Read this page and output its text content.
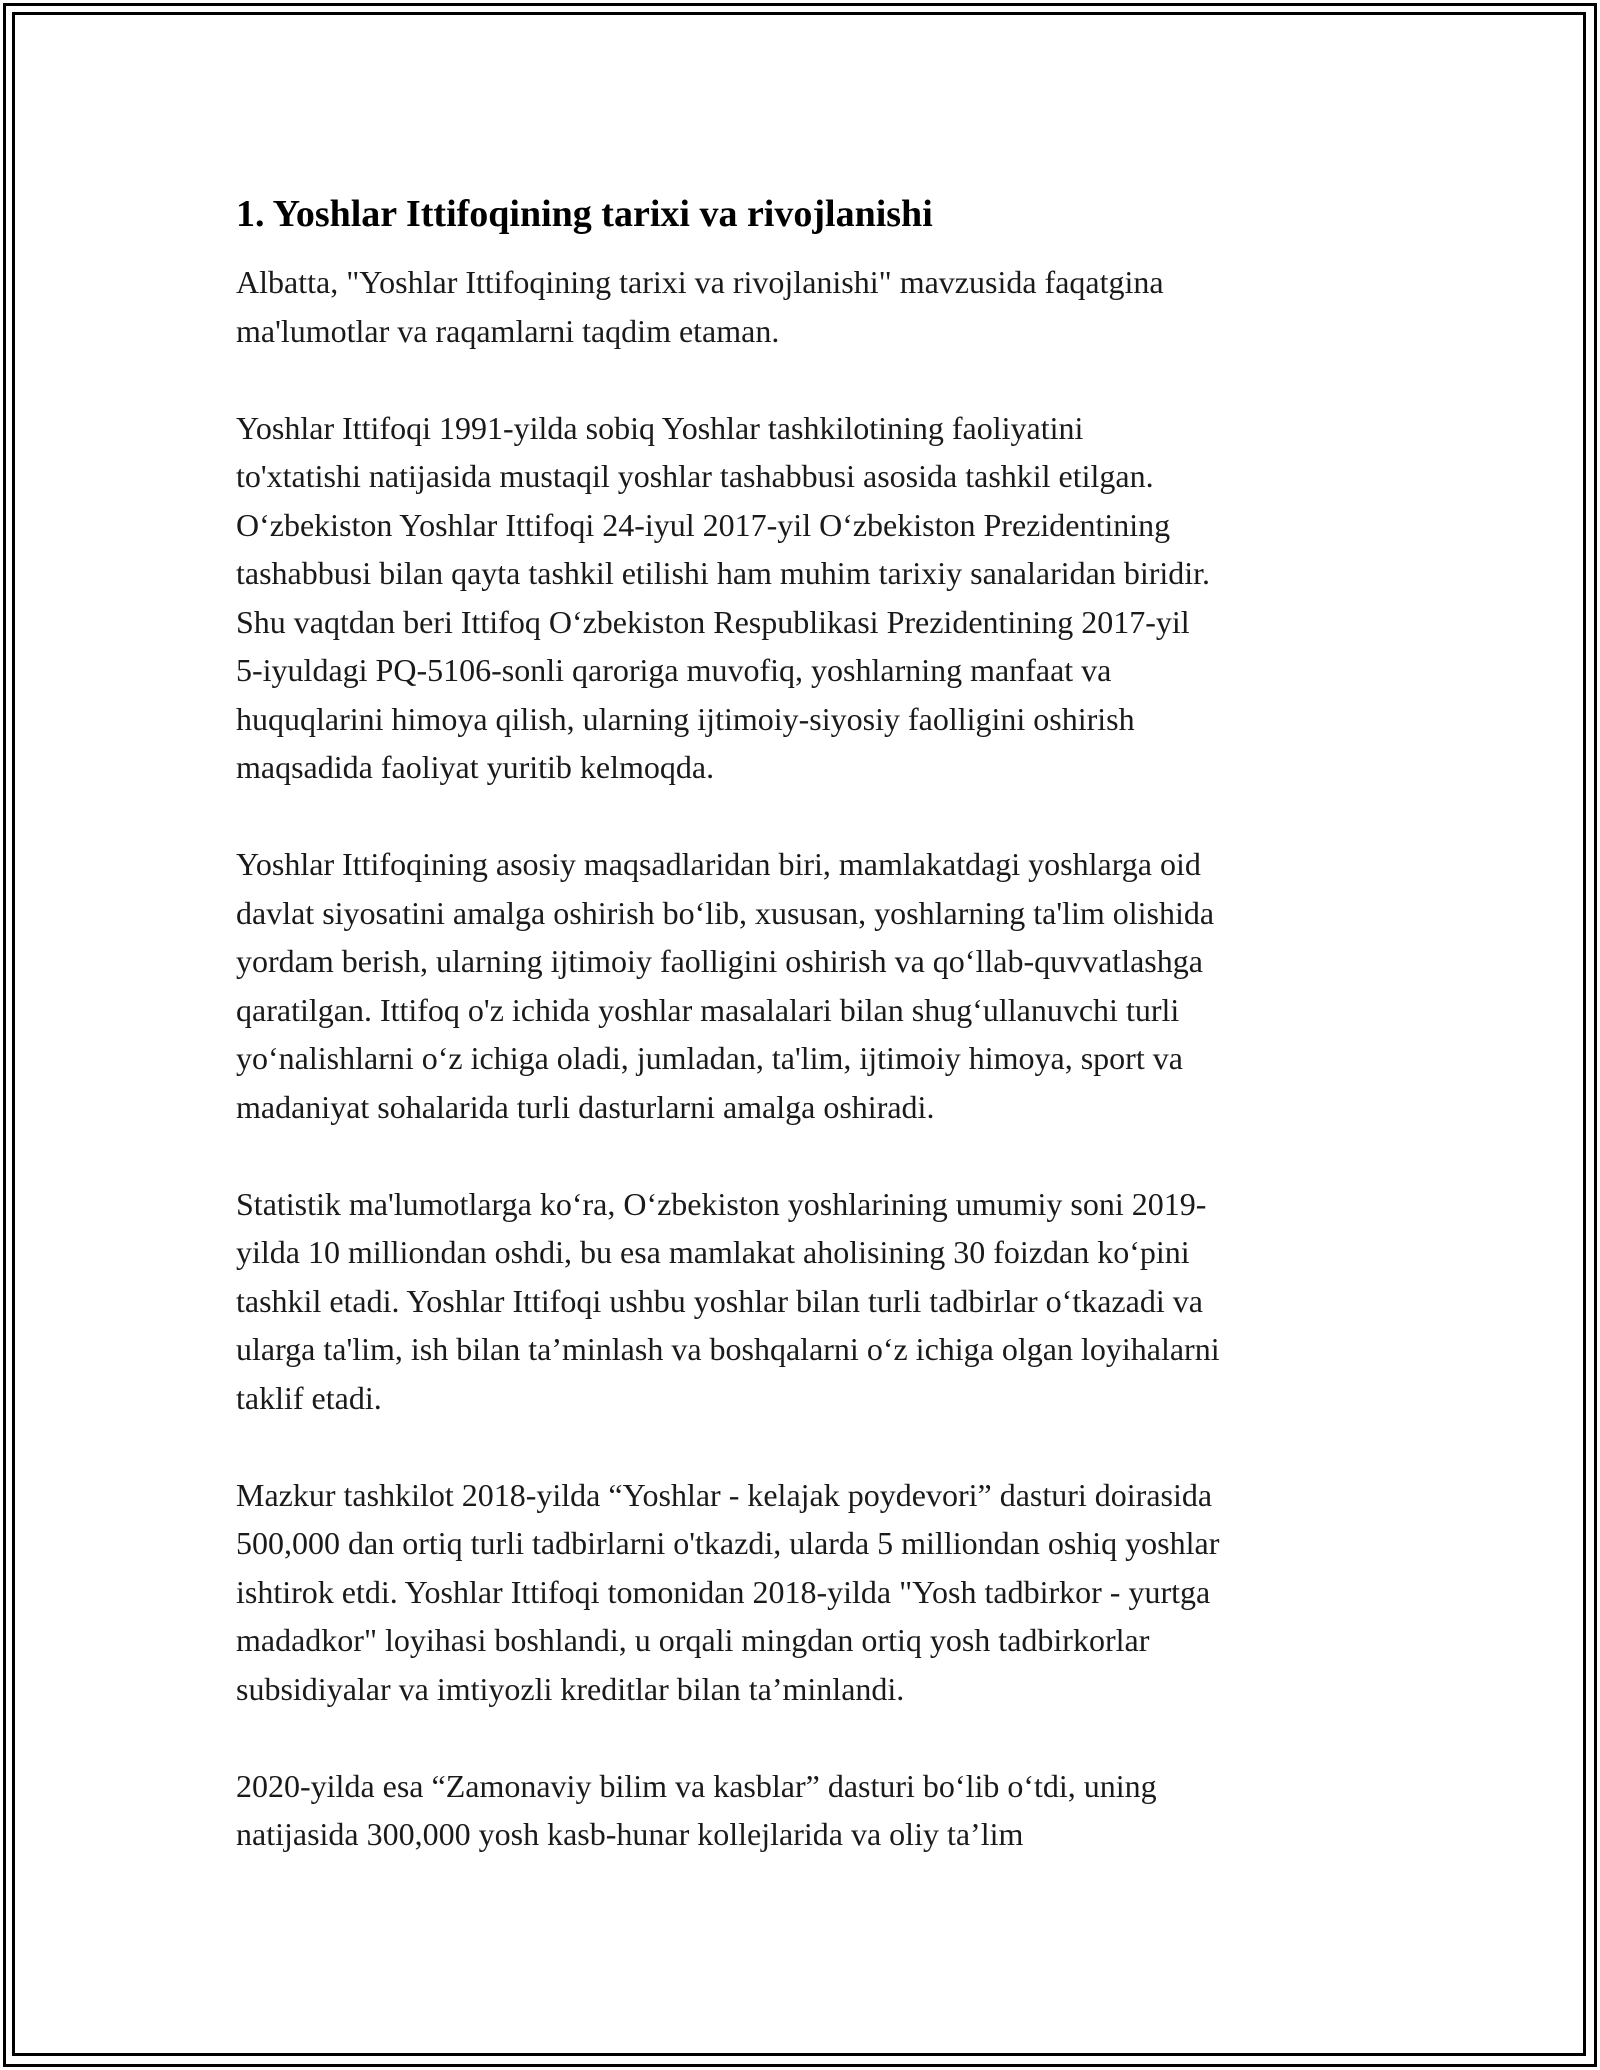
1. Yoshlar Ittifoqining tarixi va rivojlanishi

Albatta, "Yoshlar Ittifoqining tarixi va rivojlanishi" mavzusida faqatgina
ma'lumotlar va raqamlarni taqdim etaman.

Yoshlar Ittifoqi 1991-yilda sobiq Yoshlar tashkilotining faoliyatini
to'xtatishi natijasida mustaqil yoshlar tashabbusi asosida tashkil etilgan.
O‘zbekiston Yoshlar Ittifoqi 24-iyul 2017-yil O‘zbekiston Prezidentining
tashabbusi bilan qayta tashkil etilishi ham muhim tarixiy sanalaridan biridir.
Shu vaqtdan beri Ittifoq O‘zbekiston Respublikasi Prezidentining 2017-yil
5-iyuldagi PQ-5106-sonli qaroriga muvofiq, yoshlarning manfaat va
huquqlarini himoya qilish, ularning ijtimoiy-siyosiy faolligini oshirish
maqsadida faoliyat yuritib kelmoqda.

Yoshlar Ittifoqining asosiy maqsadlaridan biri, mamlakatdagi yoshlarga oid
davlat siyosatini amalga oshirish bo‘lib, xususan, yoshlarning ta'lim olishida
yordam berish, ularning ijtimoiy faolligini oshirish va qo‘llab-quvvatlashga
qaratilgan. Ittifoq o'z ichida yoshlar masalalari bilan shug‘ullanuvchi turli
yo‘nalishlarni o‘z ichiga oladi, jumladan, ta'lim, ijtimoiy himoya, sport va
madaniyat sohalarida turli dasturlarni amalga oshiradi.

Statistik ma'lumotlarga ko‘ra, O‘zbekiston yoshlarining umumiy soni 2019-
yilda 10 milliondan oshdi, bu esa mamlakat aholisining 30 foizdan ko‘pini
tashkil etadi. Yoshlar Ittifoqi ushbu yoshlar bilan turli tadbirlar o‘tkazadi va
ularga ta'lim, ish bilan ta’minlash va boshqalarni o‘z ichiga olgan loyihalarni
taklif etadi.

Mazkur tashkilot 2018-yilda “Yoshlar - kelajak poydevori” dasturi doirasida
500,000 dan ortiq turli tadbirlarni o'tkazdi, ularda 5 milliondan oshiq yoshlar
ishtirok etdi. Yoshlar Ittifoqi tomonidan 2018-yilda "Yosh tadbirkor - yurtga
madadkor" loyihasi boshlandi, u orqali mingdan ortiq yosh tadbirkorlar
subsidiyalar va imtiyozli kreditlar bilan ta’minlandi.

2020-yilda esa “Zamonaviy bilim va kasblar” dasturi bo‘lib o‘tdi, uning
natijasida 300,000 yosh kasb-hunar kollejlarida va oliy ta’lim
